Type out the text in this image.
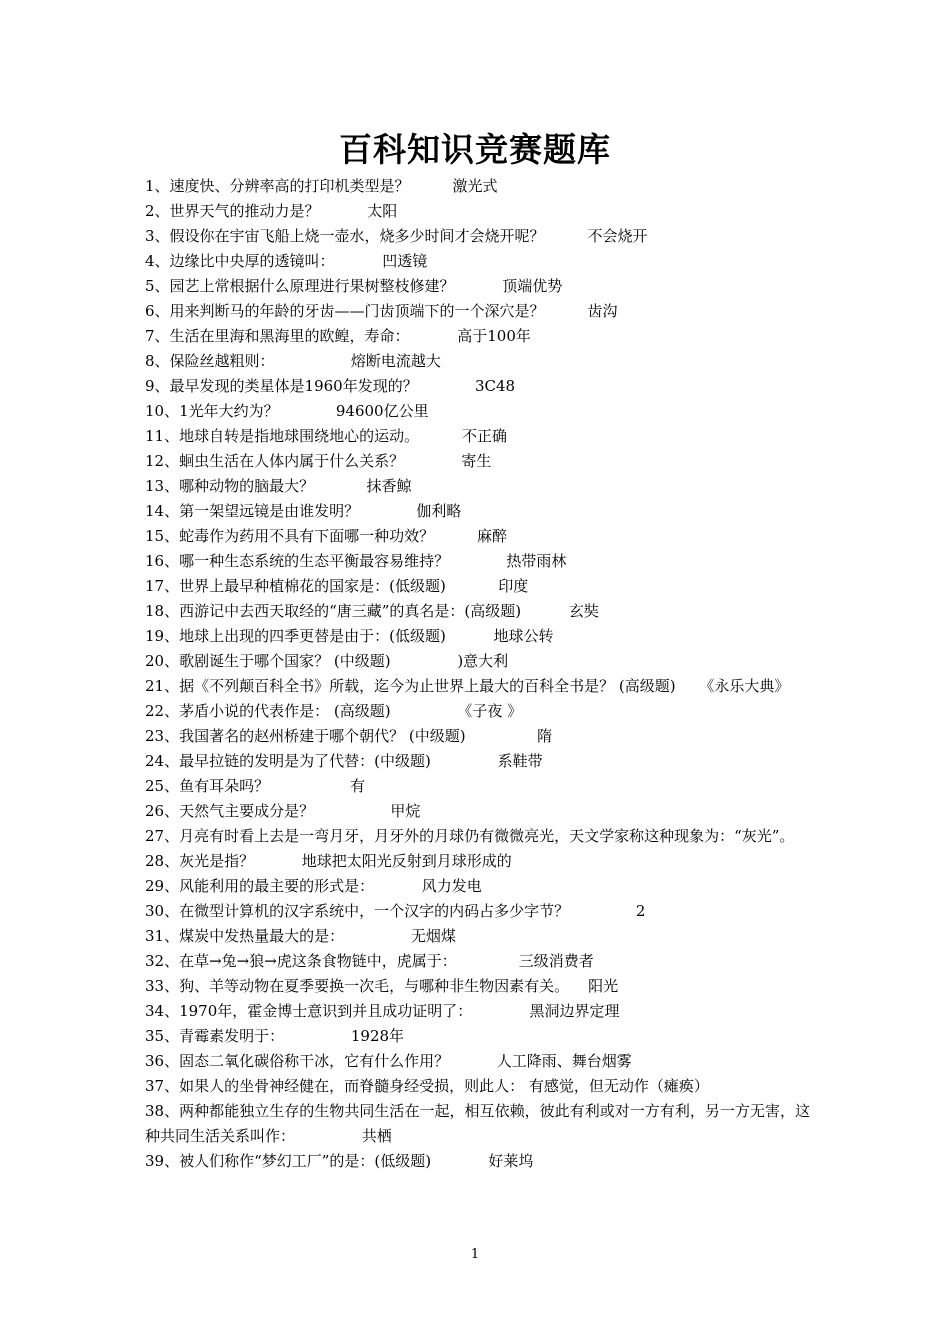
百科知识竞赛题库
1、速度快、分辨率高的打印机类型是？	激光式
2、世界天气的推动力是？	太阳
3、假设你在宇宙飞船上烧一壶水，烧多少时间才会烧开呢？	不会烧开
4、边缘比中央厚的透镜叫：	凹透镜
5、园艺上常根据什么原理进行果树整枝修建？	顶端优势
6、用来判断马的年龄的牙齿——门齿顶端下的一个深穴是？	齿沟
7、生活在里海和黑海里的欧鳇，寿命：	高于100年
8、保险丝越粗则：	熔断电流越大
9、最早发现的类星体是1960年发现的？	3C48
10、1光年大约为？	94600亿公里
11、地球自转是指地球围绕地心的运动。	不正确
12、蛔虫生活在人体内属于什么关系？	寄生
13、哪种动物的脑最大？	抹香鲸
14、第一架望远镜是由谁发明？	伽利略
15、蛇毒作为药用不具有下面哪一种功效？	麻醉
16、哪一种生态系统的生态平衡最容易维持？	热带雨林
17、世界上最早种植棉花的国家是：(低级题)	印度
18、西游记中去西天取经的“唐三藏”的真名是：(高级题)	玄奘
19、地球上出现的四季更替是由于：(低级题)	地球公转
20、歌剧诞生于哪个国家？ (中级题)	)意大利
21、据《不列颠百科全书》所载，迄今为止世界上最大的百科全书是？ (高级题) 《永乐大典》
22、茅盾小说的代表作是： (高级题)	《子夜 》
23、我国著名的赵州桥建于哪个朝代？ (中级题)	隋
24、最早拉链的发明是为了代替：(中级题)	系鞋带
25、鱼有耳朵吗？	有
26、天然气主要成分是？	甲烷
27、月亮有时看上去是一弯月牙，月牙外的月球仍有微微亮光，天文学家称这种现象为：“灰光”。
28、灰光是指？	地球把太阳光反射到月球形成的
29、风能利用的最主要的形式是：	风力发电
30、在微型计算机的汉字系统中，一个汉字的内码占多少字节？	2
31、煤炭中发热量最大的是：	无烟煤
32、在草→兔→狼→虎这条食物链中，虎属于：	三级消费者
33、狗、羊等动物在夏季要换一次毛，与哪种非生物因素有关。 阳光
34、1970年，霍金博士意识到并且成功证明了：	黑洞边界定理
35、青霉素发明于：	1928年
36、固态二氧化碳俗称干冰，它有什么作用？	人工降雨、舞台烟雾
37、如果人的坐骨神经健在，而脊髓身经受损，则此人： 有感觉，但无动作（瘫痪）
38、两种都能独立生存的生物共同生活在一起，相互依赖，彼此有利或对一方有利，另一方无害，这种共同生活关系叫作：	共栖
39、被人们称作“梦幻工厂”的是：(低级题)	好莱坞
1
